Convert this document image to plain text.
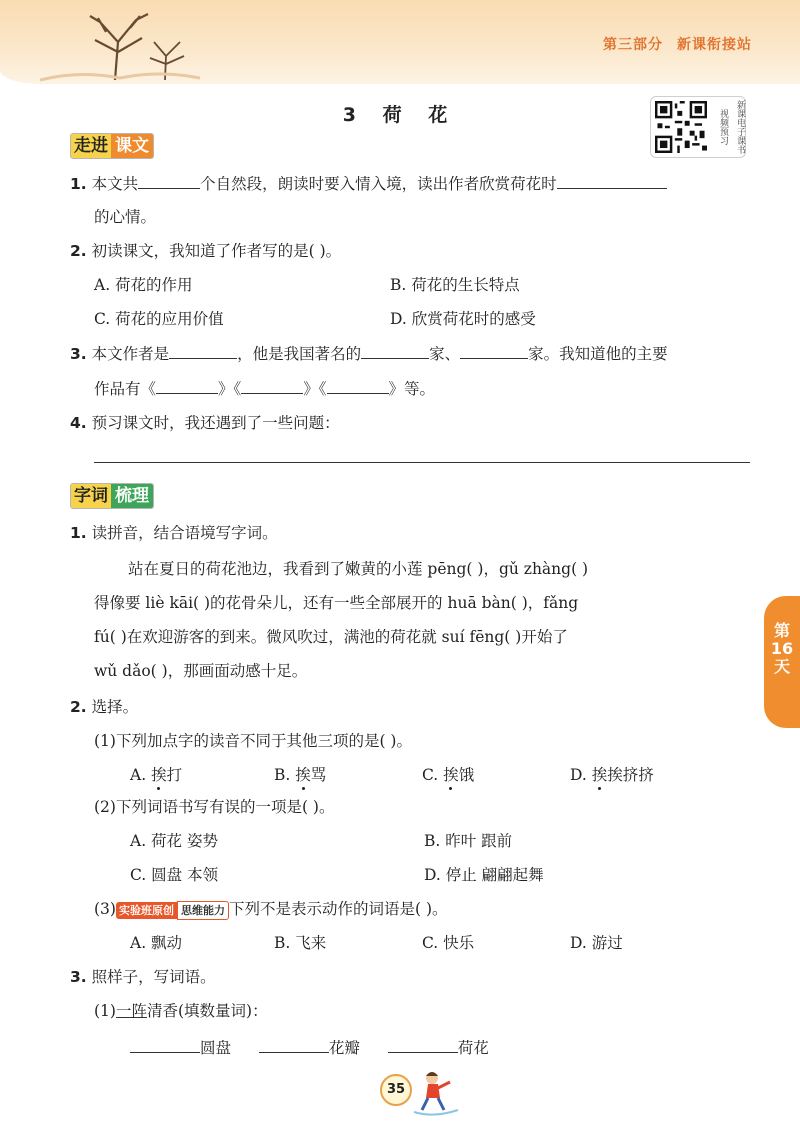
第三部分 新课衔接站
3 荷 花	视频预习 新课电子课书
走进 课文
1. 本文共	个自然段，朗读时要入情入境，读出作者欣赏荷花时
的心情。
2. 初读课文，我知道了作者写的是( )。
A. 荷花的作用	B. 荷花的生长特点
C. 荷花的应用价值	D. 欣赏荷花时的感受
3. 本文作者是	，他是我国著名的	家、	家。我知道他的主要
作品有《	》《	》《	》等。
4. 预习课文时，我还遇到了一些问题：
字词 梳理
1. 读拼音，结合语境写字词。
站在夏日的荷花池边，我看到了嫩黄的小莲 pēng( )，gǔ zhàng( )
得像要 liè kāi( )的花骨朵儿，还有一些全部展开的 huā bàn( )，fǎng
fú( )在欢迎游客的到来。微风吹过，满池的荷花就 suí fēng( )开始了
wǔ dǎo( )，那画面动感十足。
2. 选择。
(1)下列加点字的读音不同于其他三项的是( )。
A. 挨打	B. 挨骂	C. 挨饿	D. 挨挨挤挤
(2)下列词语书写有误的一项是( )。
A. 荷花 姿势	B. 昨叶 跟前
C. 圆盘 本领	D. 停止 翩翩起舞
(3) 实验班原创 思维能力 下列不是表示动作的词语是( )。
A. 飘动	B. 飞来	C. 快乐	D. 游过
3. 照样子，写词语。
(1)一阵清香(填数量词)：
圆盘	花瓣	荷花
第
16
天
35
